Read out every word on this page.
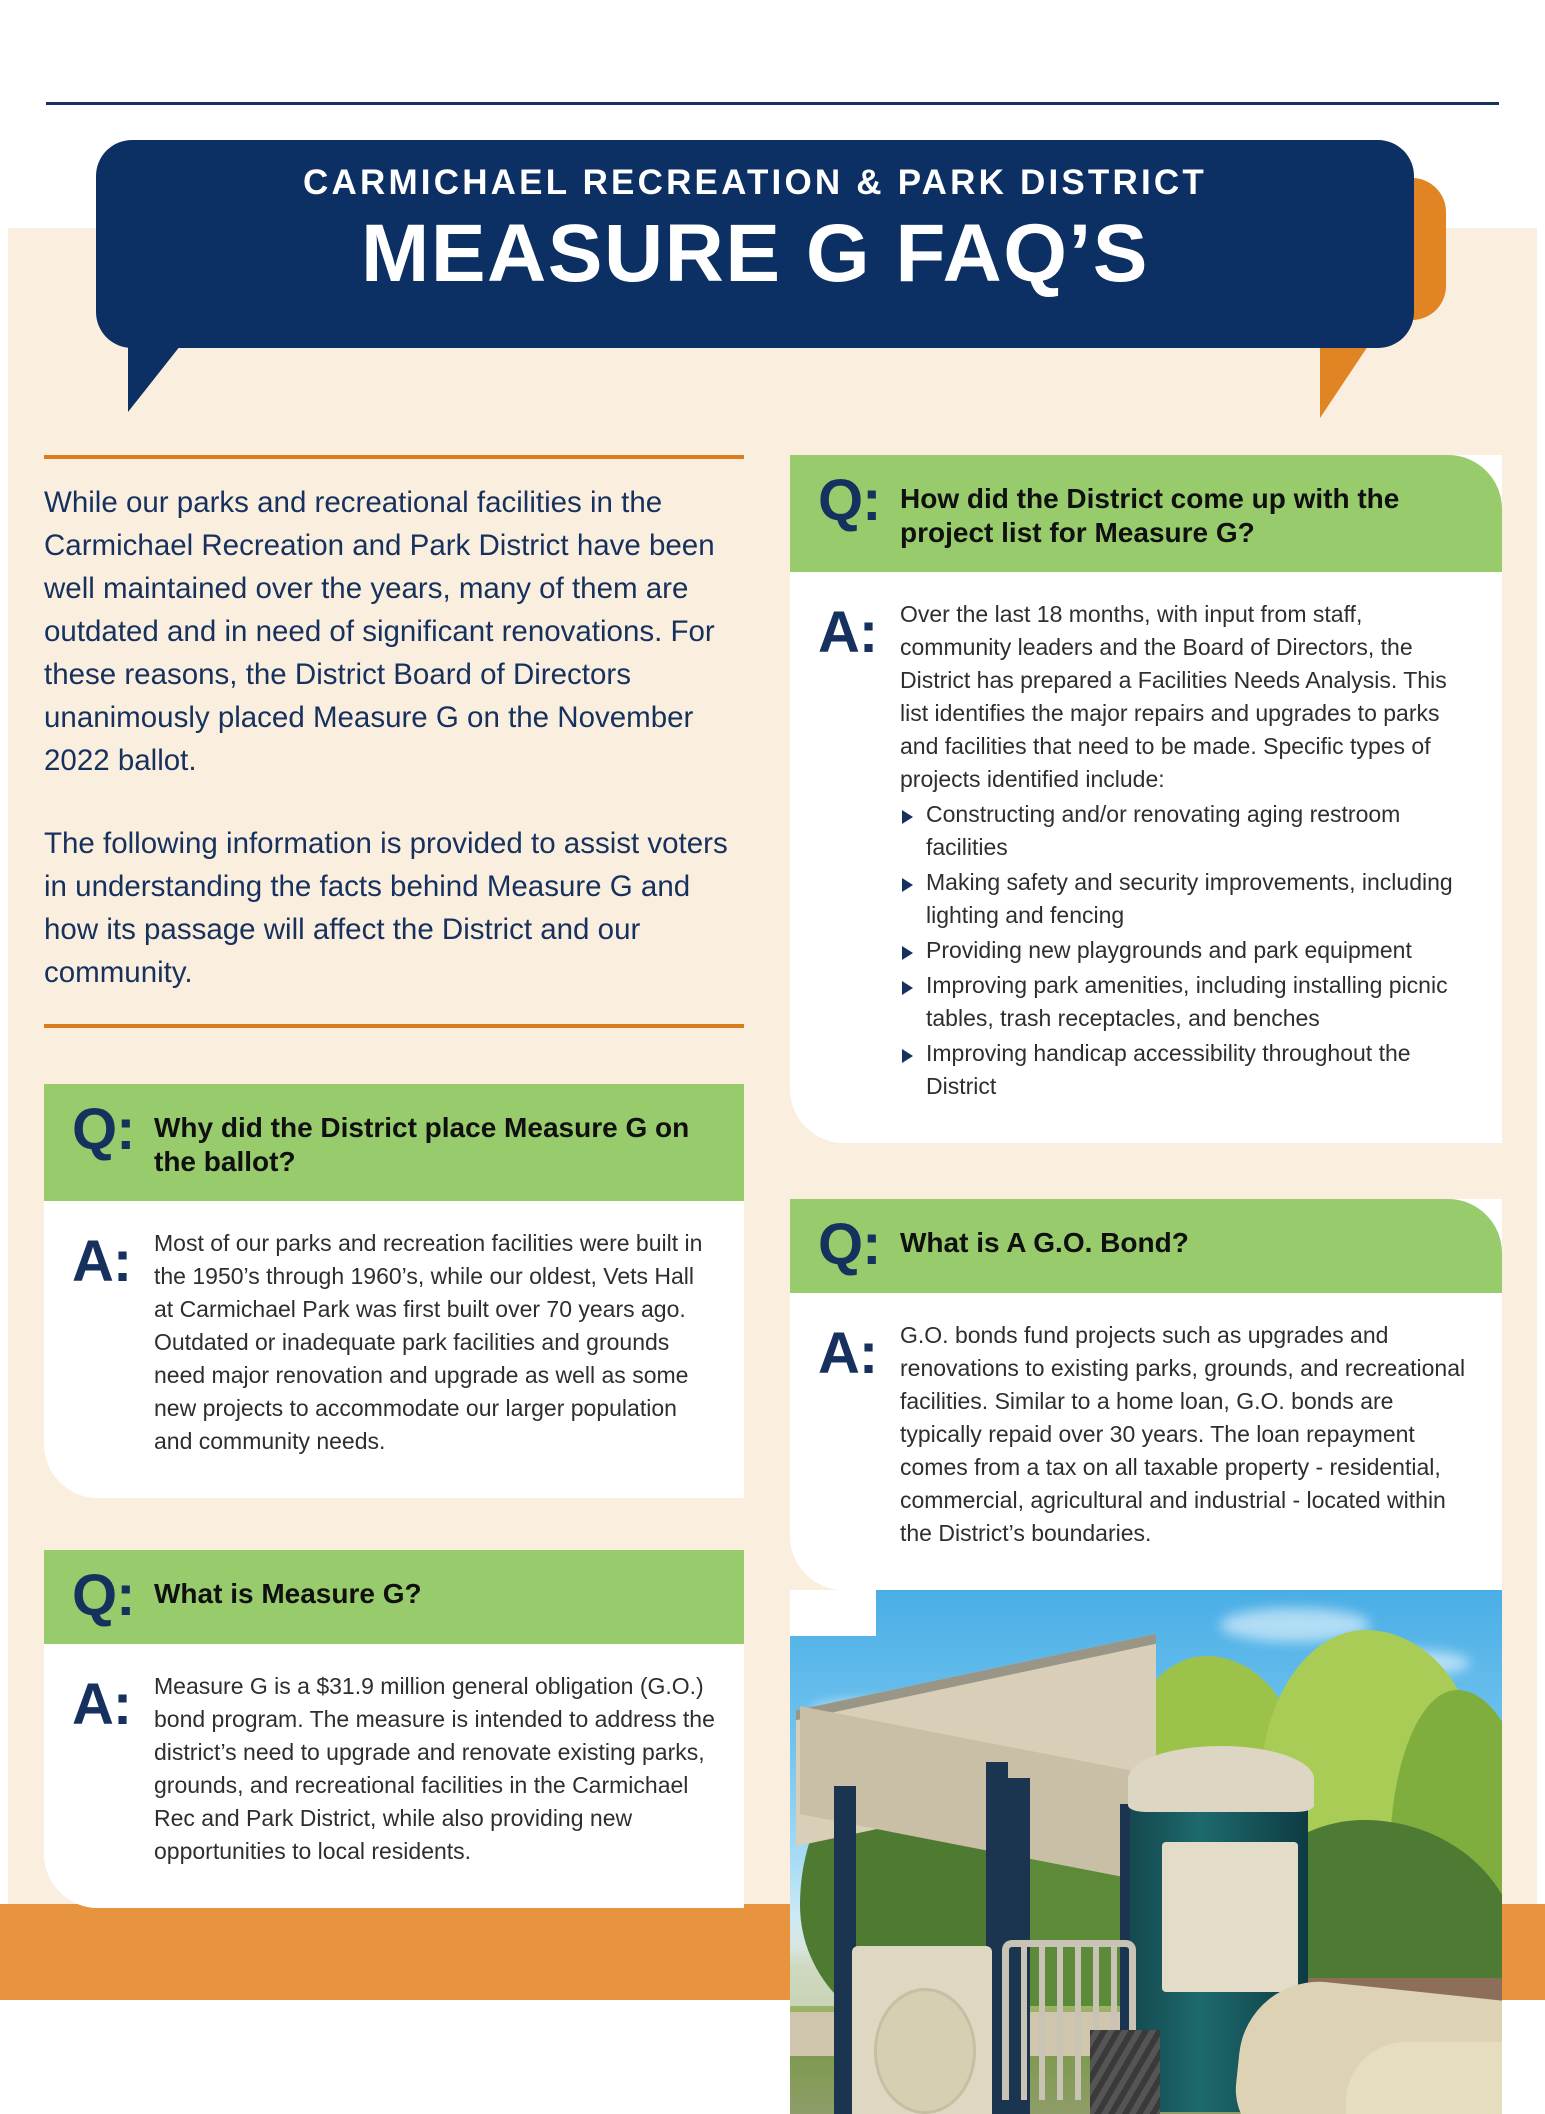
CARMICHAEL RECREATION & PARK DISTRICT
MEASURE G FAQ’S

While our parks and recreational facilities in the Carmichael Recreation and Park District have been well maintained over the years, many of them are outdated and in need of significant renovations. For these reasons, the District Board of Directors unanimously placed Measure G on the November 2022 ballot.

The following information is provided to assist voters in understanding the facts behind Measure G and how its passage will affect the District and our community.

Q: Why did the District place Measure G on the ballot?
A: Most of our parks and recreation facilities were built in the 1950’s through 1960’s, while our oldest, Vets Hall at Carmichael Park was first built over 70 years ago. Outdated or inadequate park facilities and grounds need major renovation and upgrade as well as some new projects to accommodate our larger population and community needs.
Q: What is Measure G?
A: Measure G is a $31.9 million general obligation (G.O.) bond program. The measure is intended to address the district’s need to upgrade and renovate existing parks, grounds, and recreational facilities in the Carmichael Rec and Park District, while also providing new opportunities to local residents.
Q: How did the District come up with the project list for Measure G?
A: Over the last 18 months, with input from staff, community leaders and the Board of Directors, the District has prepared a Facilities Needs Analysis. This list identifies the major repairs and upgrades to parks and facilities that need to be made. Specific types of projects identified include:

Constructing and/or renovating aging restroom facilities
Making safety and security improvements, including lighting and fencing
Providing new playgrounds and park equipment
Improving park amenities, including installing picnic tables, trash receptacles, and benches
Improving handicap accessibility throughout the District
Q: What is A G.O. Bond?
A: G.O. bonds fund projects such as upgrades and renovations to existing parks, grounds, and recreational facilities. Similar to a home loan, G.O. bonds are typically repaid over 30 years. The loan repayment comes from a tax on all taxable property - residential, commercial, agricultural and industrial - located within the District’s boundaries.
